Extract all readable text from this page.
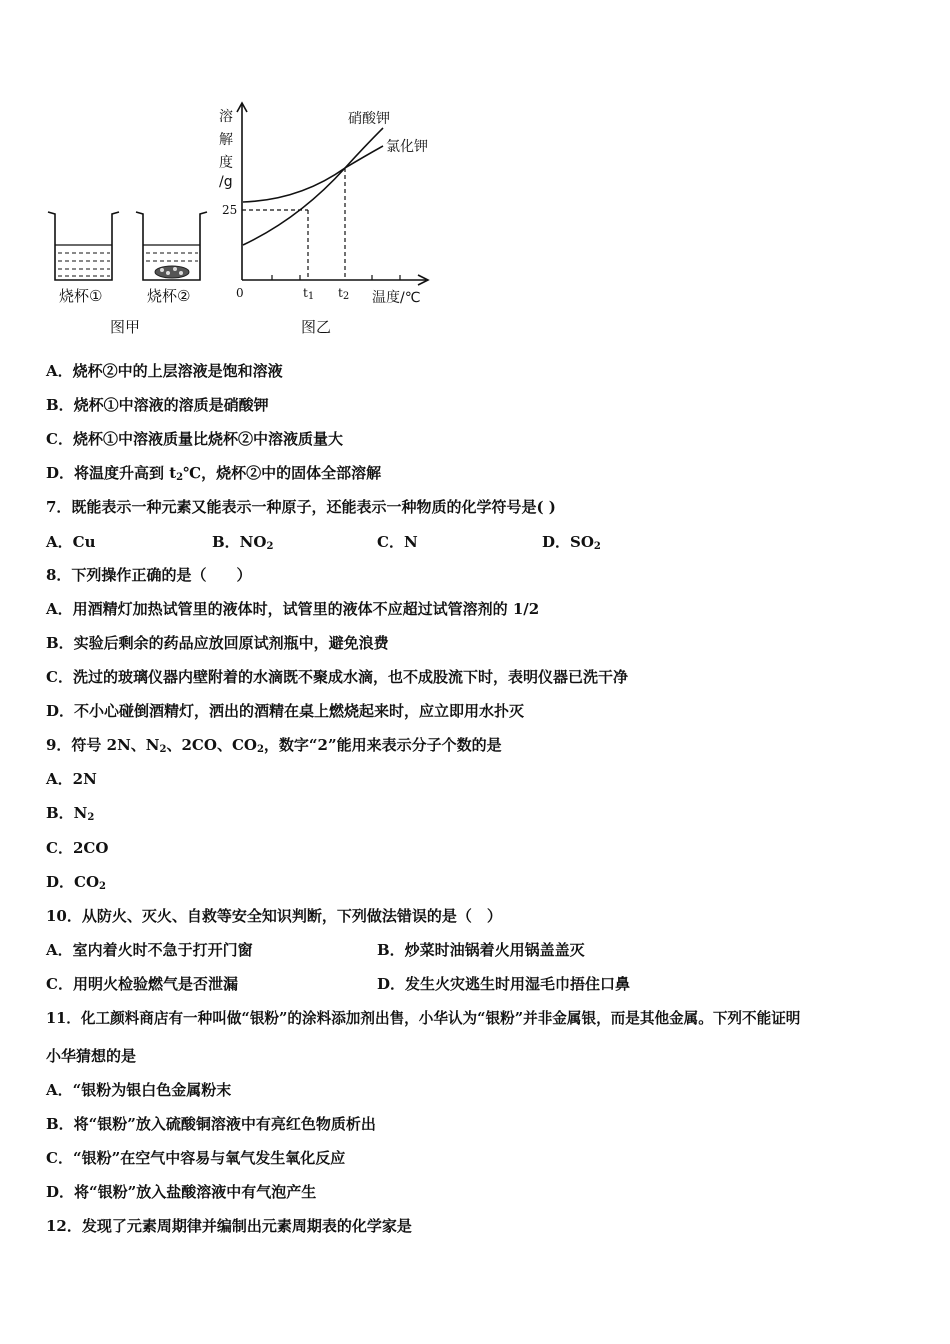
烧杯①	烧杯②
图甲	图乙
溶
解
度
/g
25
0	$t_1$ $t_2$ 温度/℃
硝酸钾
氯化钾
A．烧杯②中的上层溶液是饱和溶液
B．烧杯①中溶液的溶质是硝酸钾
C．烧杯①中溶液质量比烧杯②中溶液质量大
D．将温度升高到 $t_2℃$，烧杯②中的固体全部溶解
7．既能表示一种元素又能表示一种原子，还能表示一种物质的化学符号是( )
A．Cu	B．$NO_2$	C．N	D．$SO_2$
8．下列操作正确的是（　　）
A．用酒精灯加热试管里的液体时，试管里的液体不应超过试管溶剂的 1/2
B．实验后剩余的药品应放回原试剂瓶中，避免浪费
C．洗过的玻璃仪器内壁附着的水滴既不聚成水滴，也不成股流下时，表明仪器已洗干净
D．不小心碰倒酒精灯，洒出的酒精在桌上燃烧起来时，应立即用水扑灭
9．符号 2N、$N_2$、2CO、$CO_2$，数字“2”能用来表示分子个数的是
A．2N
B．$N_2$
C．2CO
D．$CO_2$
10．从防火、灭火、自救等安全知识判断，下列做法错误的是（　）
A．室内着火时不急于打开门窗	B．炒菜时油锅着火用锅盖盖灭
C．用明火检验燃气是否泄漏	D．发生火灾逃生时用湿毛巾捂住口鼻
11．化工颜料商店有一种叫做“银粉”的涂料添加剂出售，小华认为“银粉”并非金属银，而是其他金属。下列不能证明
小华猜想的是
A．“银粉为银白色金属粉末
B．将“银粉”放入硫酸铜溶液中有亮红色物质析出
C．“银粉”在空气中容易与氧气发生氧化反应
D．将“银粉”放入盐酸溶液中有气泡产生
12．发现了元素周期律并编制出元素周期表的化学家是
